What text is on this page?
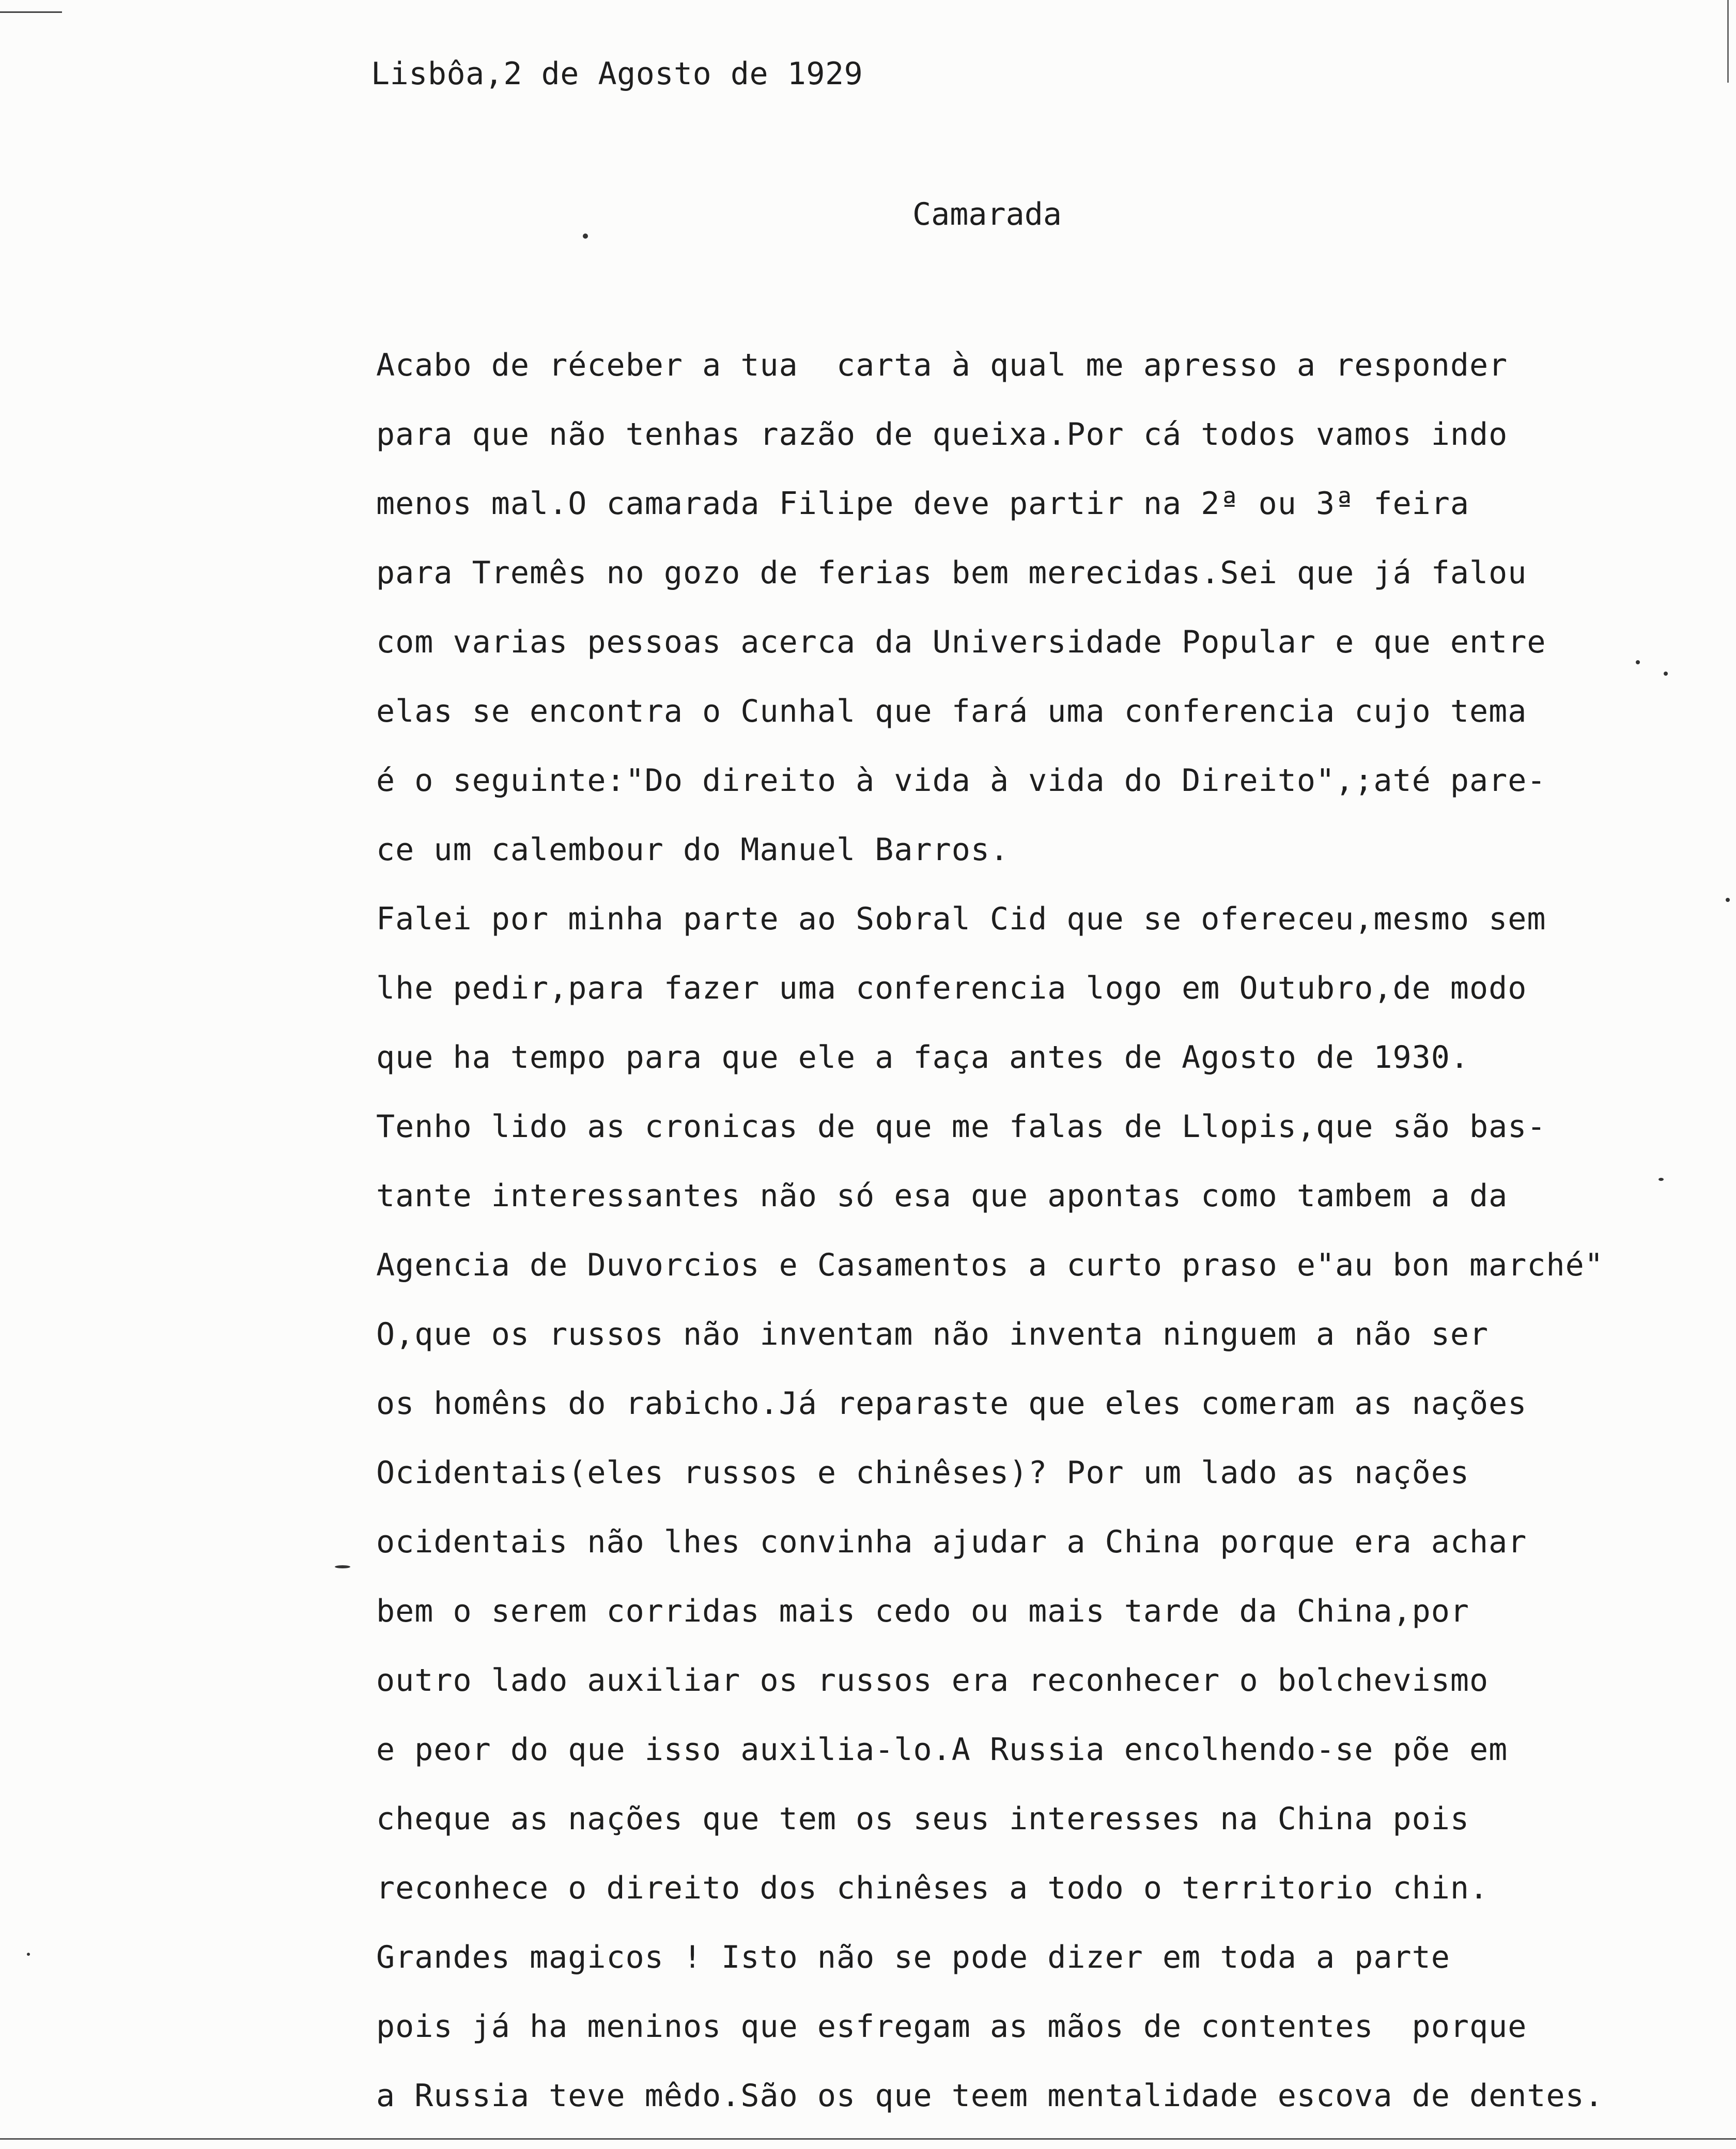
Lisbôa,2 de Agosto de 1929
Camarada
Acabo de réceber a tua  carta à qual me apresso a responder
para que não tenhas razão de queixa.Por cá todos vamos indo
menos mal.O camarada Filipe deve partir na 2ª ou 3ª feira
para Tremês no gozo de ferias bem merecidas.Sei que já falou
com varias pessoas acerca da Universidade Popular e que entre
elas se encontra o Cunhal que fará uma conferencia cujo tema
é o seguinte:"Do direito à vida à vida do Direito",;até pare-
ce um calembour do Manuel Barros.
Falei por minha parte ao Sobral Cid que se ofereceu,mesmo sem
lhe pedir,para fazer uma conferencia logo em Outubro,de modo
que ha tempo para que ele a faça antes de Agosto de 1930.
Tenho lido as cronicas de que me falas de Llopis,que são bas-
tante interessantes não só esa que apontas como tambem a da
Agencia de Duvorcios e Casamentos a curto praso e"au bon marché"
O,que os russos não inventam não inventa ninguem a não ser
os homêns do rabicho.Já reparaste que eles comeram as nações
Ocidentais(eles russos e chinêses)? Por um lado as nações
ocidentais não lhes convinha ajudar a China porque era achar
bem o serem corridas mais cedo ou mais tarde da China,por
outro lado auxiliar os russos era reconhecer o bolchevismo
e peor do que isso auxilia-lo.A Russia encolhendo-se põe em
cheque as nações que tem os seus interesses na China pois
reconhece o direito dos chinêses a todo o territorio chin.
Grandes magicos ! Isto não se pode dizer em toda a parte
pois já ha meninos que esfregam as mãos de contentes  porque
a Russia teve mêdo.São os que teem mentalidade escova de dentes.
